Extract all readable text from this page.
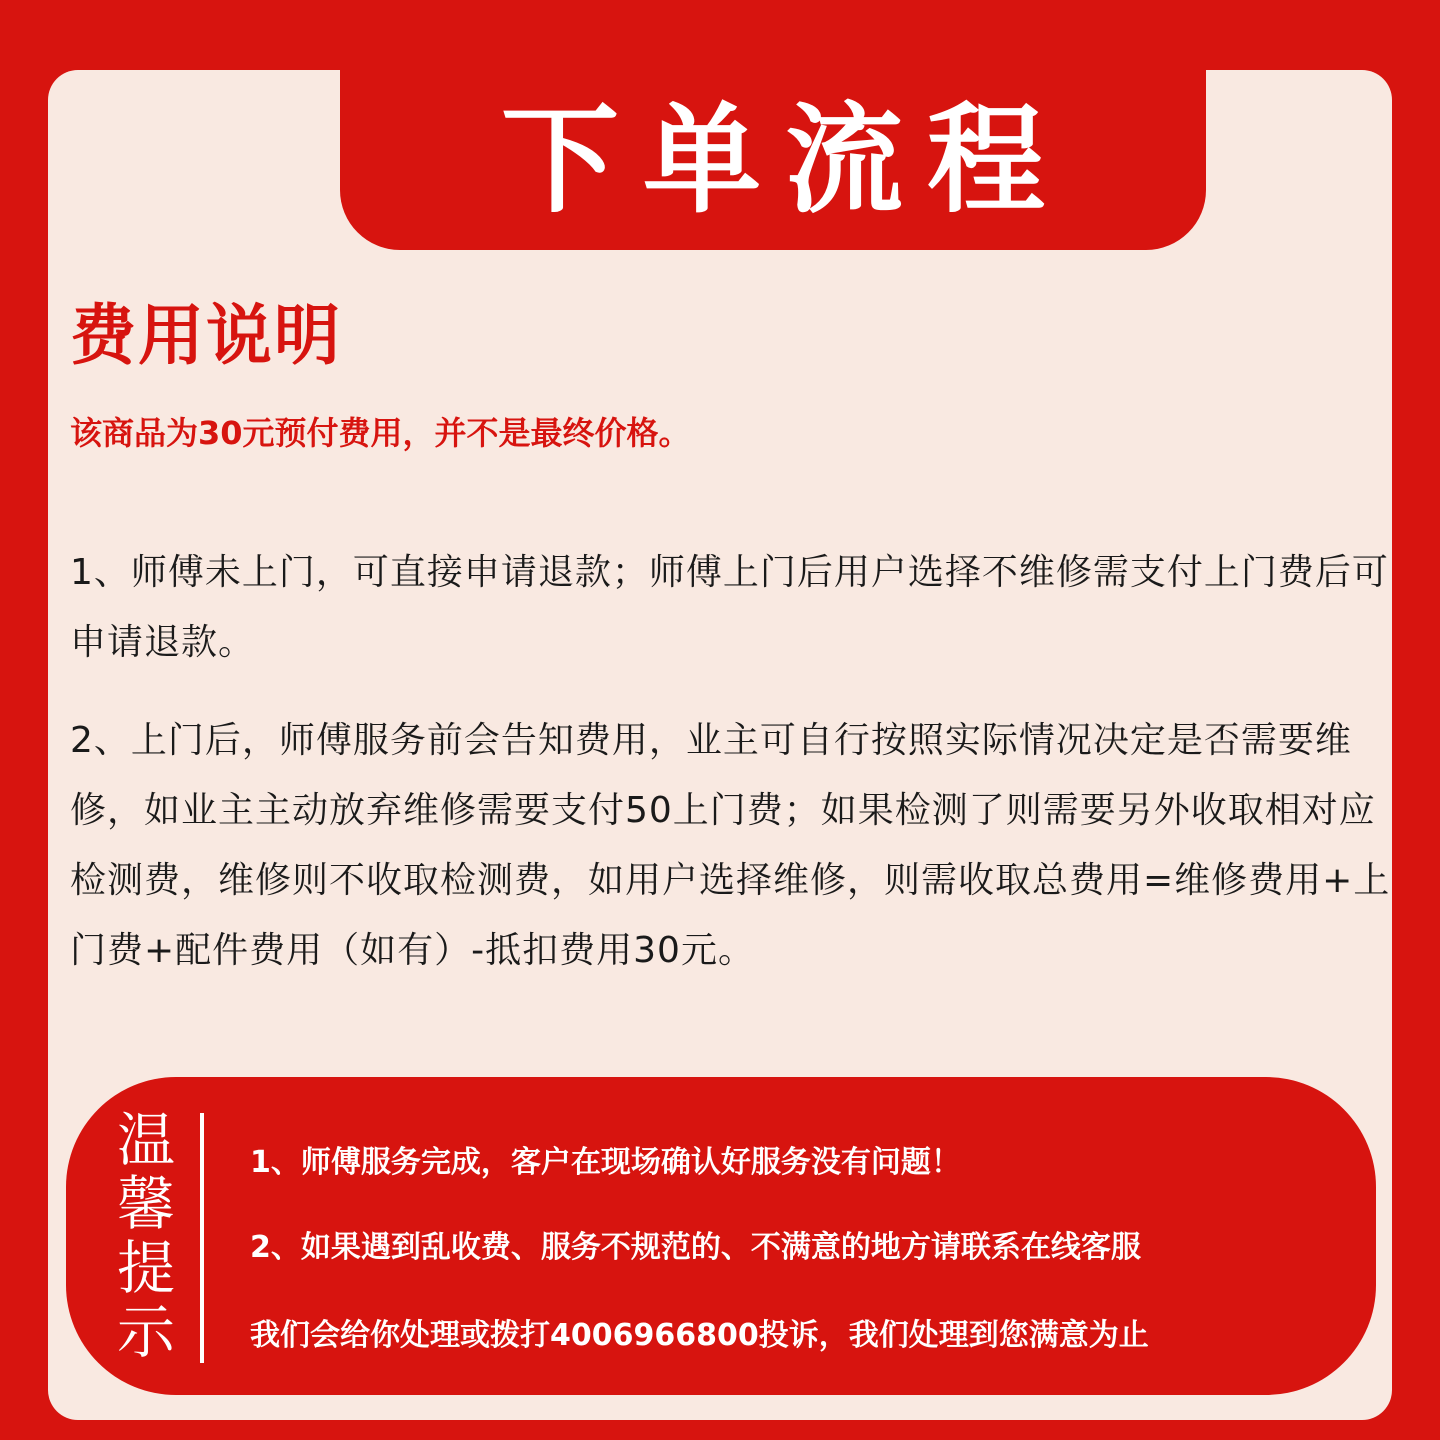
下单流程
费用说明
该商品为30元预付费用，并不是最终价格。
1、师傅未上门，可直接申请退款；师傅上门后用户选择不维修需支付上门费后可申请退款。
2、上门后，师傅服务前会告知费用，业主可自行按照实际情况决定是否需要维修，如业主主动放弃维修需要支付50上门费；如果检测了则需要另外收取相对应检测费，维修则不收取检测费，如用户选择维修，则需收取总费用=维修费用+上门费+配件费用（如有）-抵扣费用30元。
温馨提示
1、师傅服务完成，客户在现场确认好服务没有问题！
2、如果遇到乱收费、服务不规范的、不满意的地方请联系在线客服
我们会给你处理或拨打4006966800投诉，我们处理到您满意为止
